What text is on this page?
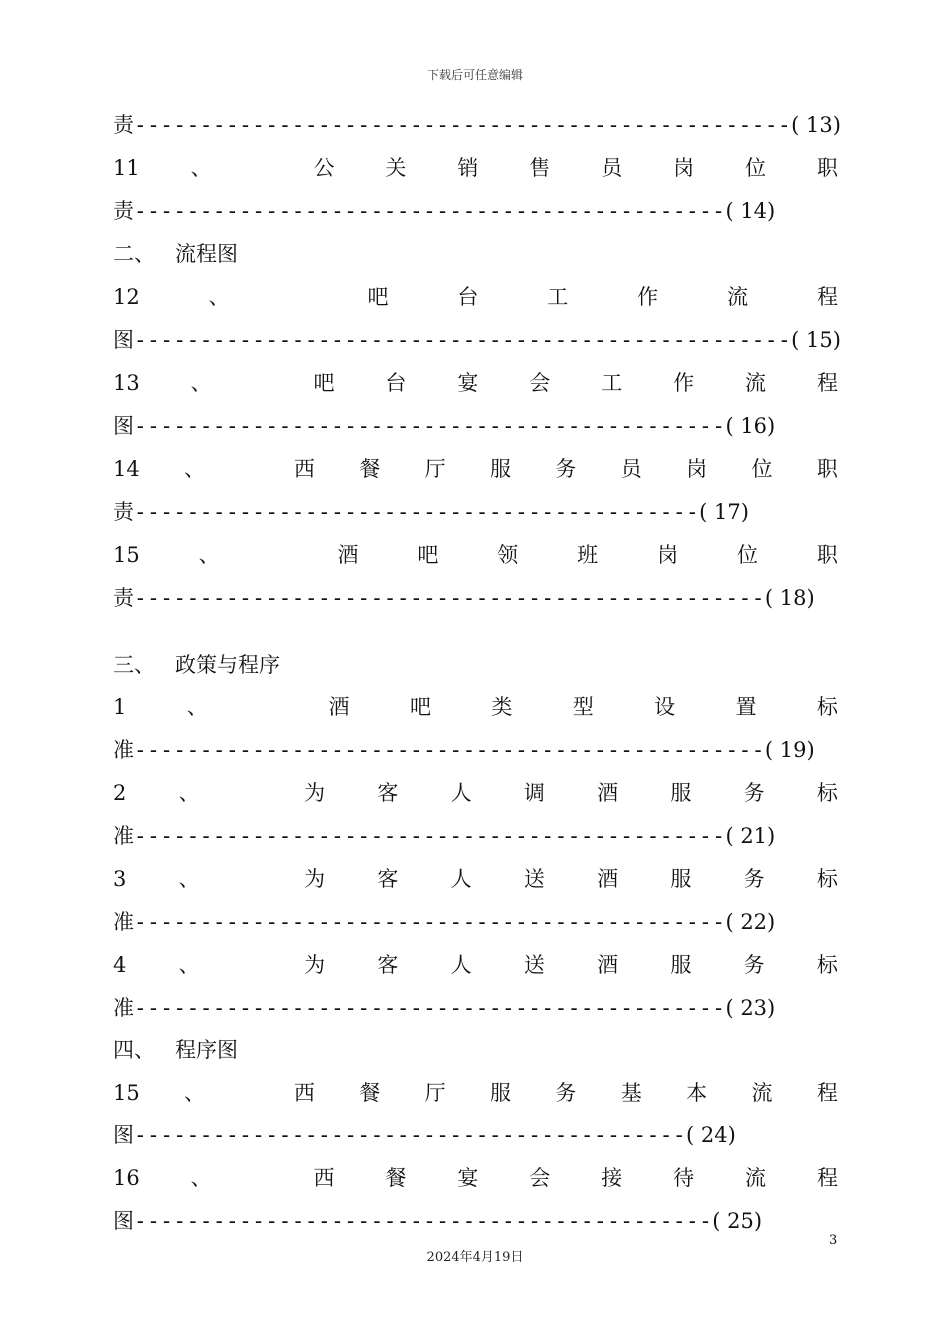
下载后可任意编辑
责--------------------------------------------------( 13)
11 、	公 关 销 售 员 岗 位 职
责---------------------------------------------( 14)
二、 流程图
12	、	吧	台	工	作	流	程
图--------------------------------------------------( 15)
13 、	吧 台 宴 会 工 作 流 程
图---------------------------------------------( 16)
14 、	西 餐 厅 服 务 员 岗 位 职
责-------------------------------------------( 17)
15	、	酒	吧	领	班	岗	位	职
责------------------------------------------------( 18)
三、 政策与程序
1	、	酒	吧	类	型	设	置	标
准------------------------------------------------( 19)
2 、	为 客 人 调 酒 服 务 标
准---------------------------------------------( 21)
3 、	为 客 人 送 酒 服 务 标
准---------------------------------------------( 22)
4 、	为 客 人 送 酒 服 务 标
准---------------------------------------------( 23)
四、 程序图
15 、	西 餐 厅 服 务 基 本 流 程
图------------------------------------------( 24)
16 、	西 餐 宴 会 接 待 流 程
图--------------------------------------------( 25)
3
2024年4月19日
